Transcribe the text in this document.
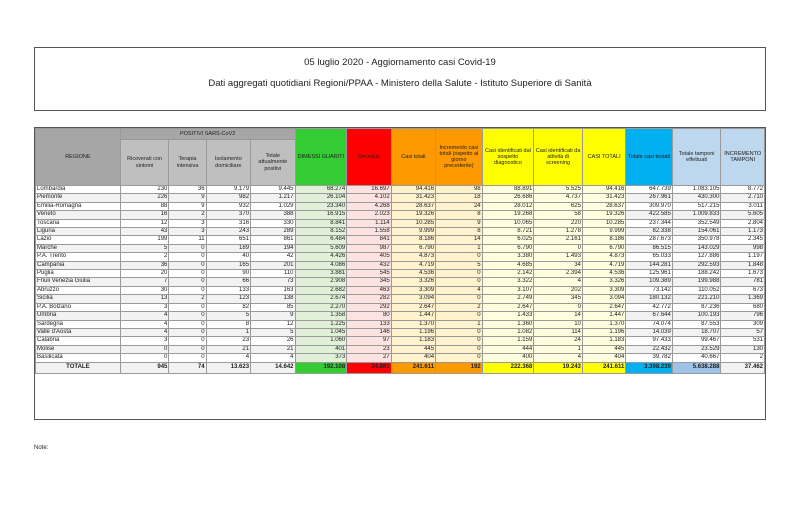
05 luglio 2020 - Aggiornamento casi Covid-19
Dati aggregati quotidiani Regioni/PPAA - Ministero della Salute - Istituto Superiore di Sanità
REGIONE	POSITIVI SARS-CoV2				DIMESSI GUARITI	Deceduti	Casi totali	Incremento casi totali (rispetto al giorno precedente)	Casi identificati dal sospetto diagnostico	Casi identificati da attività di screening	CASI TOTALI	Totale casi testati	Totale tamponi effettuati	INCREMENTO TAMPONI
	Ricoverati con sintomi	Terapia intensiva	Isolamento domiciliare	Totale attualmente positivi										
Lombardia	230	36	9.179	9.445	68.274	16.697	94.416	98	88.891	5.525	94.416	647.739	1.083.105	8.772
Piemonte	226	9	982	1.217	26.104	4.102	31.423	18	26.686	4.737	31.423	267.961	430.300	2.710
Emilia-Romagna	88	9	932	1.029	23.340	4.268	28.637	24	28.012	625	28.637	309.970	517.215	3.011
Veneto	16	2	370	388	16.915	2.023	19.326	8	19.268	58	19.326	422.585	1.009.833	5.605
Toscana	12	3	316	330	8.841	1.114	10.285	9	10.065	220	10.285	237.344	352.549	2.804
Liguria	43	3	243	289	8.152	1.558	9.999	8	8.721	1.278	9.999	82.338	154.061	1.173
Lazio	199	11	651	861	6.484	841	8.186	14	6.025	2.161	8.186	287.673	350.978	2.345
Marche	5	0	189	194	5.609	987	6.790	1	6.790	0	6.790	86.515	143.029	998
P.A. Trento	2	0	40	42	4.426	405	4.873	0	3.380	1.493	4.873	65.033	127.886	1.197
Campania	36	0	165	201	4.086	432	4.719	5	4.685	34	4.719	144.281	292.593	1.848
Puglia	20	0	90	110	3.881	545	4.536	0	2.142	2.394	4.536	125.961	188.242	1.673
Friuli Venezia Giulia	7	0	66	73	2.908	345	3.326	0	3.322	4	3.326	109.389	199.988	781
Abruzzo	30	0	133	163	2.682	463	3.309	4	3.107	202	3.309	73.142	110.052	673
Sicilia	13	2	123	138	2.674	282	3.094	0	2.749	345	3.094	180.132	221.210	1.369
P.A. Bolzano	3	0	82	85	2.270	292	2.647	2	2.647	0	2.647	42.772	87.236	680
Umbria	4	0	5	9	1.358	80	1.447	0	1.433	14	1.447	67.644	100.193	796
Sardegna	4	0	8	12	1.225	133	1.370	1	1.360	10	1.370	74.074	87.553	309
Valle d'Aosta	4	0	1	5	1.045	146	1.196	0	1.082	114	1.196	14.039	18.707	57
Calabria	3	0	23	26	1.060	97	1.183	0	1.159	24	1.183	97.433	99.467	531
Molise	0	0	21	21	401	23	445	0	444	1	445	22.432	23.529	130
Basilicata	0	0	4	4	373	27	404	0	400	4	404	39.782	40.667	2
TOTALE	945	74	13.623	14.642	192.108	34.861	241.611	192	222.368	19.243	241.611	3.398.239	5.638.288	37.462
Note:
